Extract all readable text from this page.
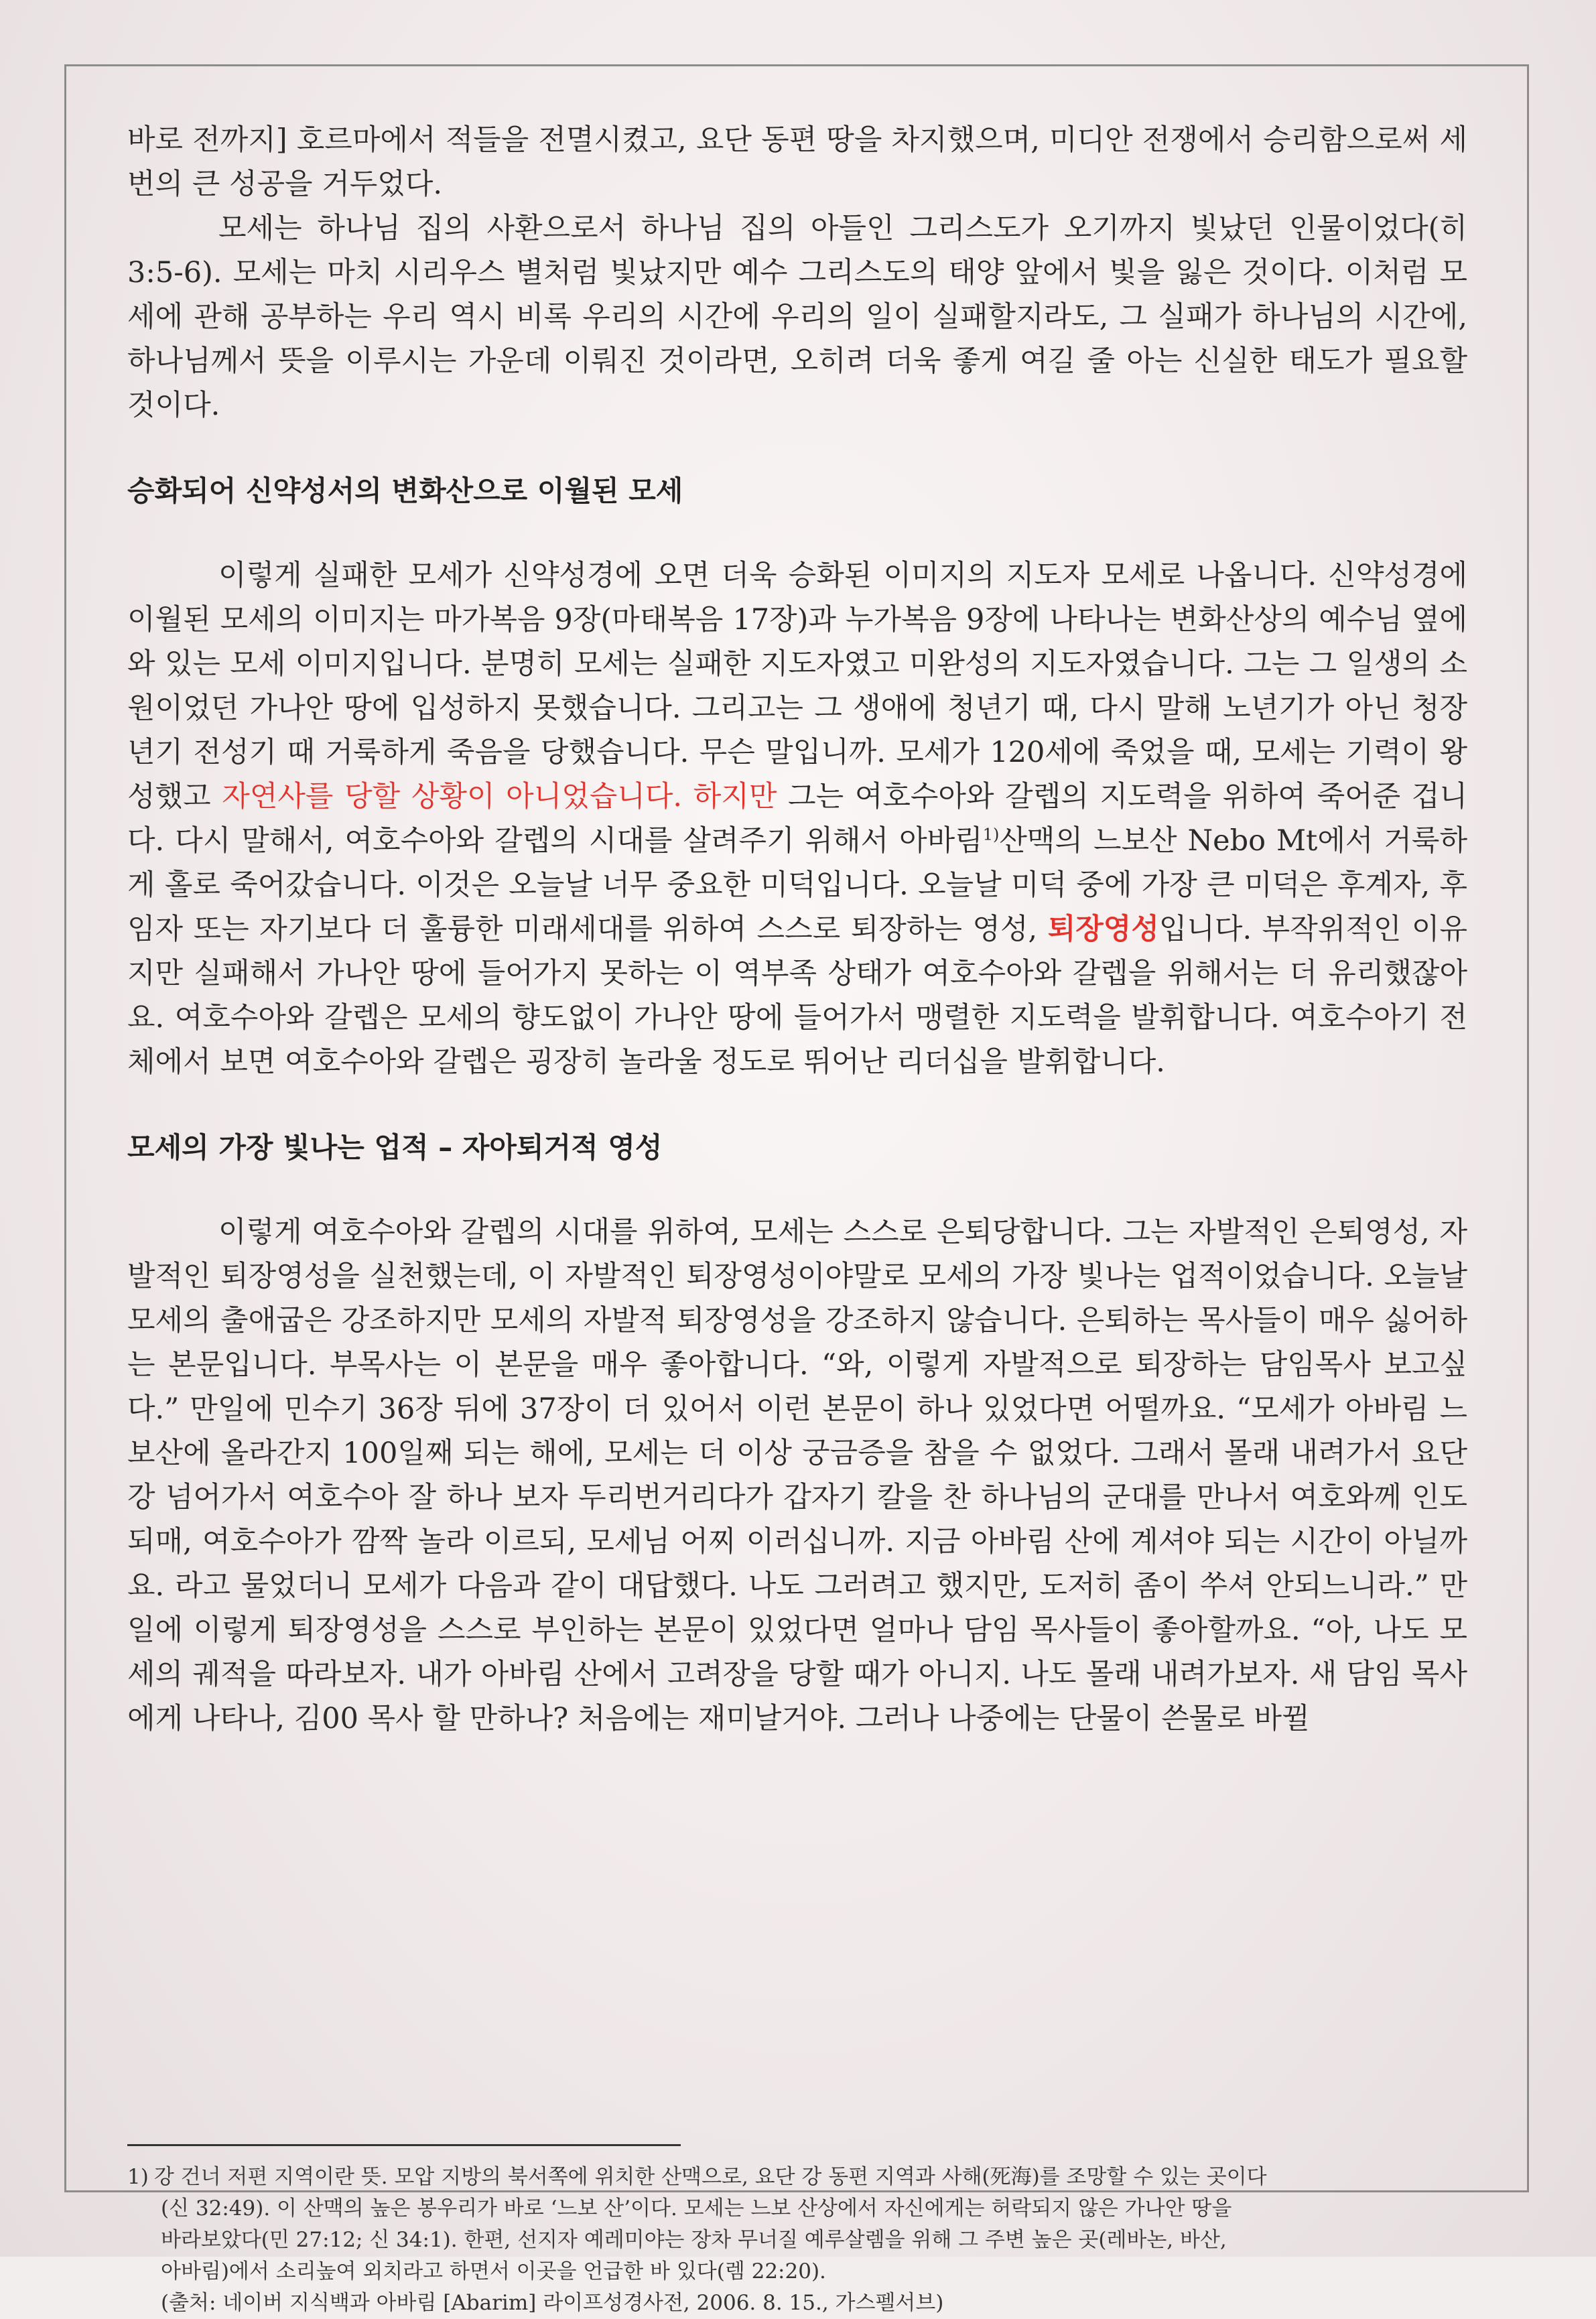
바로 전까지] 호르마에서 적들을 전멸시켰고, 요단 동편 땅을 차지했으며, 미디안 전쟁에서 승리함으로써 세 번의 큰 성공을 거두었다.

모세는 하나님 집의 사환으로서 하나님 집의 아들인 그리스도가 오기까지 빛났던 인물이었다(히 3:5-6). 모세는 마치 시리우스 별처럼 빛났지만 예수 그리스도의 태양 앞에서 빛을 잃은 것이다. 이처럼 모세에 관해 공부하는 우리 역시 비록 우리의 시간에 우리의 일이 실패할지라도, 그 실패가 하나님의 시간에, 하나님께서 뜻을 이루시는 가운데 이뤄진 것이라면, 오히려 더욱 좋게 여길 줄 아는 신실한 태도가 필요할 것이다.

승화되어 신약성서의 변화산으로 이월된 모세

이렇게 실패한 모세가 신약성경에 오면 더욱 승화된 이미지의 지도자 모세로 나옵니다. 신약성경에 이월된 모세의 이미지는 마가복음 9장(마태복음 17장)과 누가복음 9장에 나타나는 변화산상의 예수님 옆에 와 있는 모세 이미지입니다. 분명히 모세는 실패한 지도자였고 미완성의 지도자였습니다. 그는 그 일생의 소원이었던 가나안 땅에 입성하지 못했습니다. 그리고는 그 생애에 청년기 때, 다시 말해 노년기가 아닌 청장년기 전성기 때 거룩하게 죽음을 당했습니다. 무슨 말입니까. 모세가 120세에 죽었을 때, 모세는 기력이 왕성했고 자연사를 당할 상황이 아니었습니다. 하지만 그는 여호수아와 갈렙의 지도력을 위하여 죽어준 겁니다. 다시 말해서, 여호수아와 갈렙의 시대를 살려주기 위해서 아바림$^{1)}$산맥의 느보산 Nebo Mt에서 거룩하게 홀로 죽어갔습니다. 이것은 오늘날 너무 중요한 미덕입니다. 오늘날 미덕 중에 가장 큰 미덕은 후계자, 후임자 또는 자기보다 더 훌륭한 미래세대를 위하여 스스로 퇴장하는 영성, 퇴장영성입니다. 부작위적인 이유지만 실패해서 가나안 땅에 들어가지 못하는 이 역부족 상태가 여호수아와 갈렙을 위해서는 더 유리했잖아요. 여호수아와 갈렙은 모세의 향도없이 가나안 땅에 들어가서 맹렬한 지도력을 발휘합니다. 여호수아기 전체에서 보면 여호수아와 갈렙은 굉장히 놀라울 정도로 뛰어난 리더십을 발휘합니다.

모세의 가장 빛나는 업적 – 자아퇴거적 영성

이렇게 여호수아와 갈렙의 시대를 위하여, 모세는 스스로 은퇴당합니다. 그는 자발적인 은퇴영성, 자발적인 퇴장영성을 실천했는데, 이 자발적인 퇴장영성이야말로 모세의 가장 빛나는 업적이었습니다. 오늘날 모세의 출애굽은 강조하지만 모세의 자발적 퇴장영성을 강조하지 않습니다. 은퇴하는 목사들이 매우 싫어하는 본문입니다. 부목사는 이 본문을 매우 좋아합니다. “와, 이렇게 자발적으로 퇴장하는 담임목사 보고싶다.” 만일에 민수기 36장 뒤에 37장이 더 있어서 이런 본문이 하나 있었다면 어떨까요. “모세가 아바림 느보산에 올라간지 100일째 되는 해에, 모세는 더 이상 궁금증을 참을 수 없었다. 그래서 몰래 내려가서 요단강 넘어가서 여호수아 잘 하나 보자 두리번거리다가 갑자기 칼을 찬 하나님의 군대를 만나서 여호와께 인도되매, 여호수아가 깜짝 놀라 이르되, 모세님 어찌 이러십니까. 지금 아바림 산에 계셔야 되는 시간이 아닐까요. 라고 물었더니 모세가 다음과 같이 대답했다. 나도 그러려고 했지만, 도저히 좀이 쑤셔 안되느니라.” 만일에 이렇게 퇴장영성을 스스로 부인하는 본문이 있었다면 얼마나 담임 목사들이 좋아할까요. “아, 나도 모세의 궤적을 따라보자. 내가 아바림 산에서 고려장을 당할 때가 아니지. 나도 몰래 내려가보자. 새 담임 목사에게 나타나, 김00 목사 할 만하나? 처음에는 재미날거야. 그러나 나중에는 단물이 쓴물로 바뀔

1) 강 건너 저편 지역이란 뜻. 모압 지방의 북서쪽에 위치한 산맥으로, 요단 강 동편 지역과 사해(死海)를 조망할 수 있는 곳이다
(신 32:49). 이 산맥의 높은 봉우리가 바로 ‘느보 산’이다. 모세는 느보 산상에서 자신에게는 허락되지 않은 가나안 땅을
바라보았다(민 27:12; 신 34:1). 한편, 선지자 예레미야는 장차 무너질 예루살렘을 위해 그 주변 높은 곳(레바논, 바산,
아바림)에서 소리높여 외치라고 하면서 이곳을 언급한 바 있다(렘 22:20).
(출처: 네이버 지식백과 아바림 [Abarim] 라이프성경사전, 2006. 8. 15., 가스펠서브)
